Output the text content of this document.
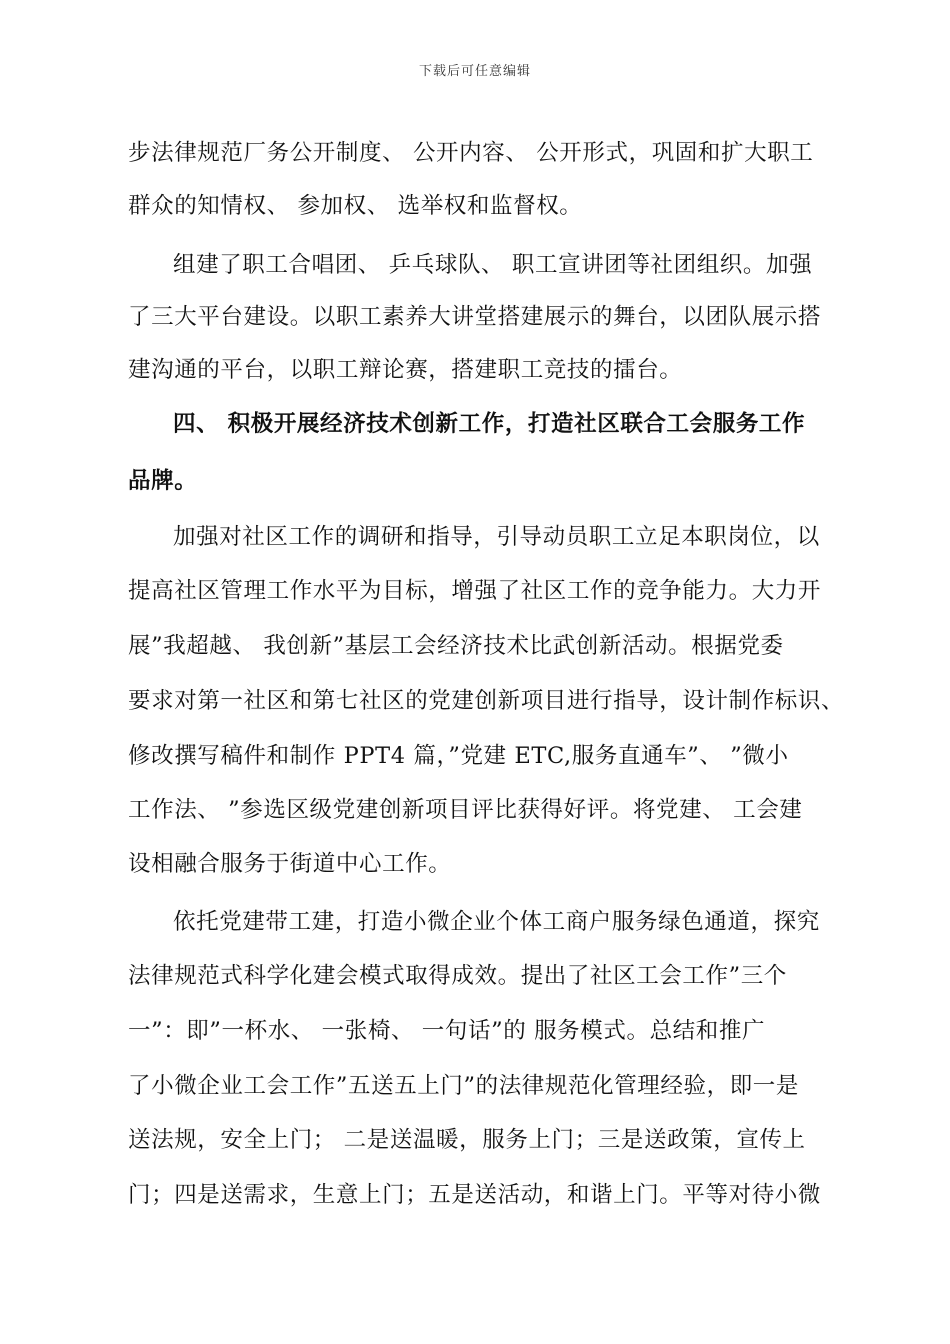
下载后可任意编辑
步法律规范厂务公开制度、 公开内容、 公开形式，巩固和扩大职工
群众的知情权、 参加权、 选举权和监督权。
组建了职工合唱团、 乒乓球队、 职工宣讲团等社团组织。加强
了三大平台建设。以职工素养大讲堂搭建展示的舞台，以团队展示搭
建沟通的平台，以职工辩论赛，搭建职工竞技的擂台。
四、 积极开展经济技术创新工作，打造社区联合工会服务工作
品牌。
加强对社区工作的调研和指导，引导动员职工立足本职岗位，以
提高社区管理工作水平为目标，增强了社区工作的竞争能力。大力开
展”我超越、 我创新”基层工会经济技术比武创新活动。根据党委
要求对第一社区和第七社区的党建创新项目进行指导，设计制作标识、
修改撰写稿件和制作 PPT4 篇，”党建 ETC,服务直通车”、 ”微小
工作法、 ”参选区级党建创新项目评比获得好评。将党建、 工会建
设相融合服务于街道中心工作。
依托党建带工建，打造小微企业个体工商户服务绿色通道，探究
法律规范式科学化建会模式取得成效。提出了社区工会工作”三个
一”：即”一杯水、 一张椅、 一句话”的 服务模式。总结和推广
了小微企业工会工作”五送五上门”的法律规范化管理经验，即一是
送法规，安全上门； 二是送温暖，服务上门；三是送政策，宣传上
门；四是送需求，生意上门；五是送活动，和谐上门。平等对待小微
